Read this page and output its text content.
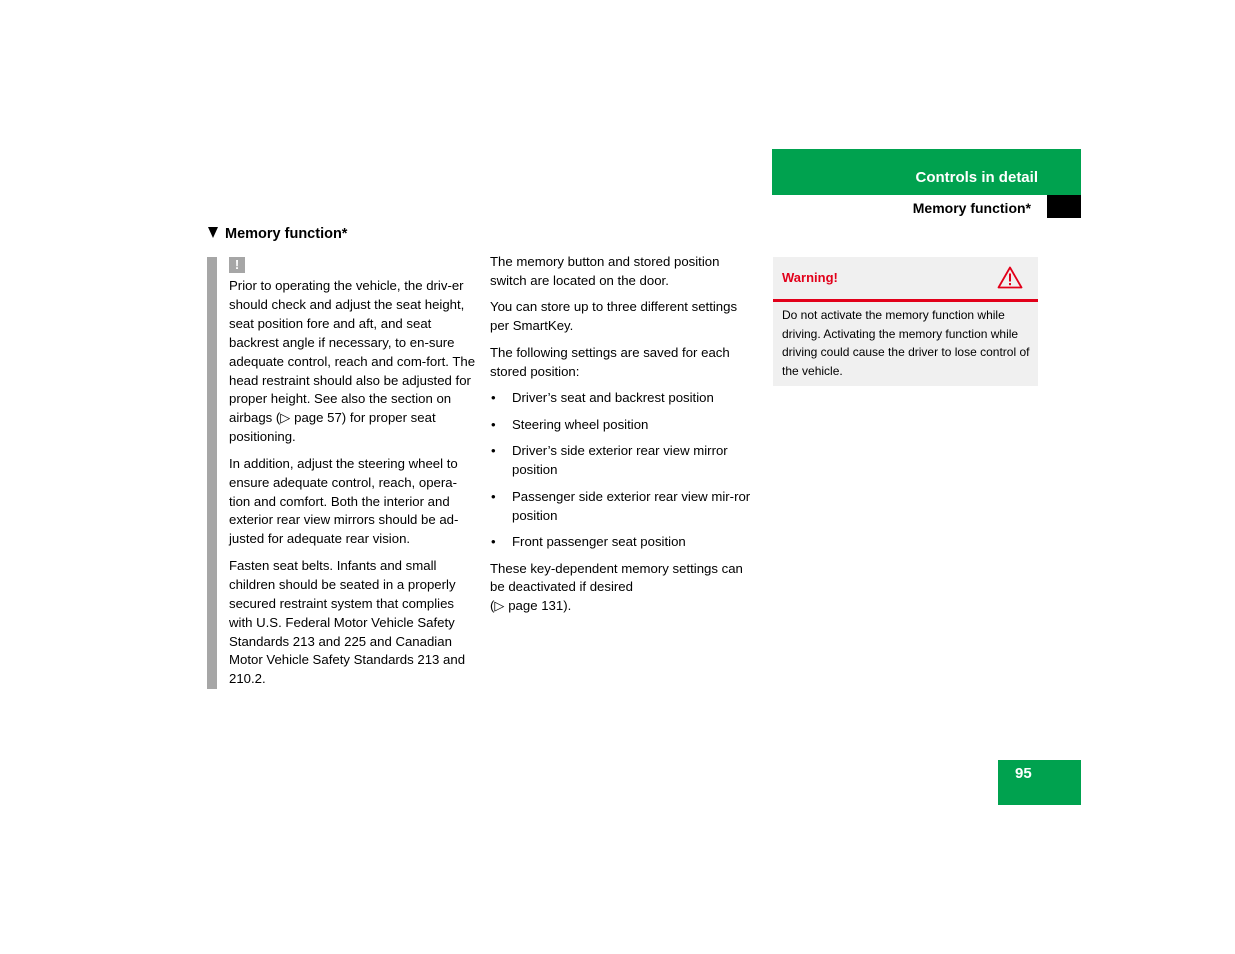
Controls in detail
Memory function*
Memory function*
!

Prior to operating the vehicle, the driv-er should check and adjust the seat height, seat position fore and aft, and seat backrest angle if necessary, to en-sure adequate control, reach and com-fort. The head restraint should also be adjusted for proper height. See also the section on airbags (▷ page 57) for proper seat positioning.

In addition, adjust the steering wheel to ensure adequate control, reach, opera-tion and comfort. Both the interior and exterior rear view mirrors should be ad-justed for adequate rear vision.

Fasten seat belts. Infants and small children should be seated in a properly secured restraint system that complies with U.S. Federal Motor Vehicle Safety Standards 213 and 225 and Canadian Motor Vehicle Safety Standards 213 and 210.2.

The memory button and stored position switch are located on the door.

You can store up to three different settings per SmartKey.

The following settings are saved for each stored position:

• Driver’s seat and backrest position
• Steering wheel position
• Driver’s side exterior rear view mirror position
• Passenger side exterior rear view mir-ror position
• Front passenger seat position

These key-dependent memory settings can be deactivated if desired
(▷ page 131).

Warning!
Do not activate the memory function while driving. Activating the memory function while driving could cause the driver to lose control of the vehicle.
95
